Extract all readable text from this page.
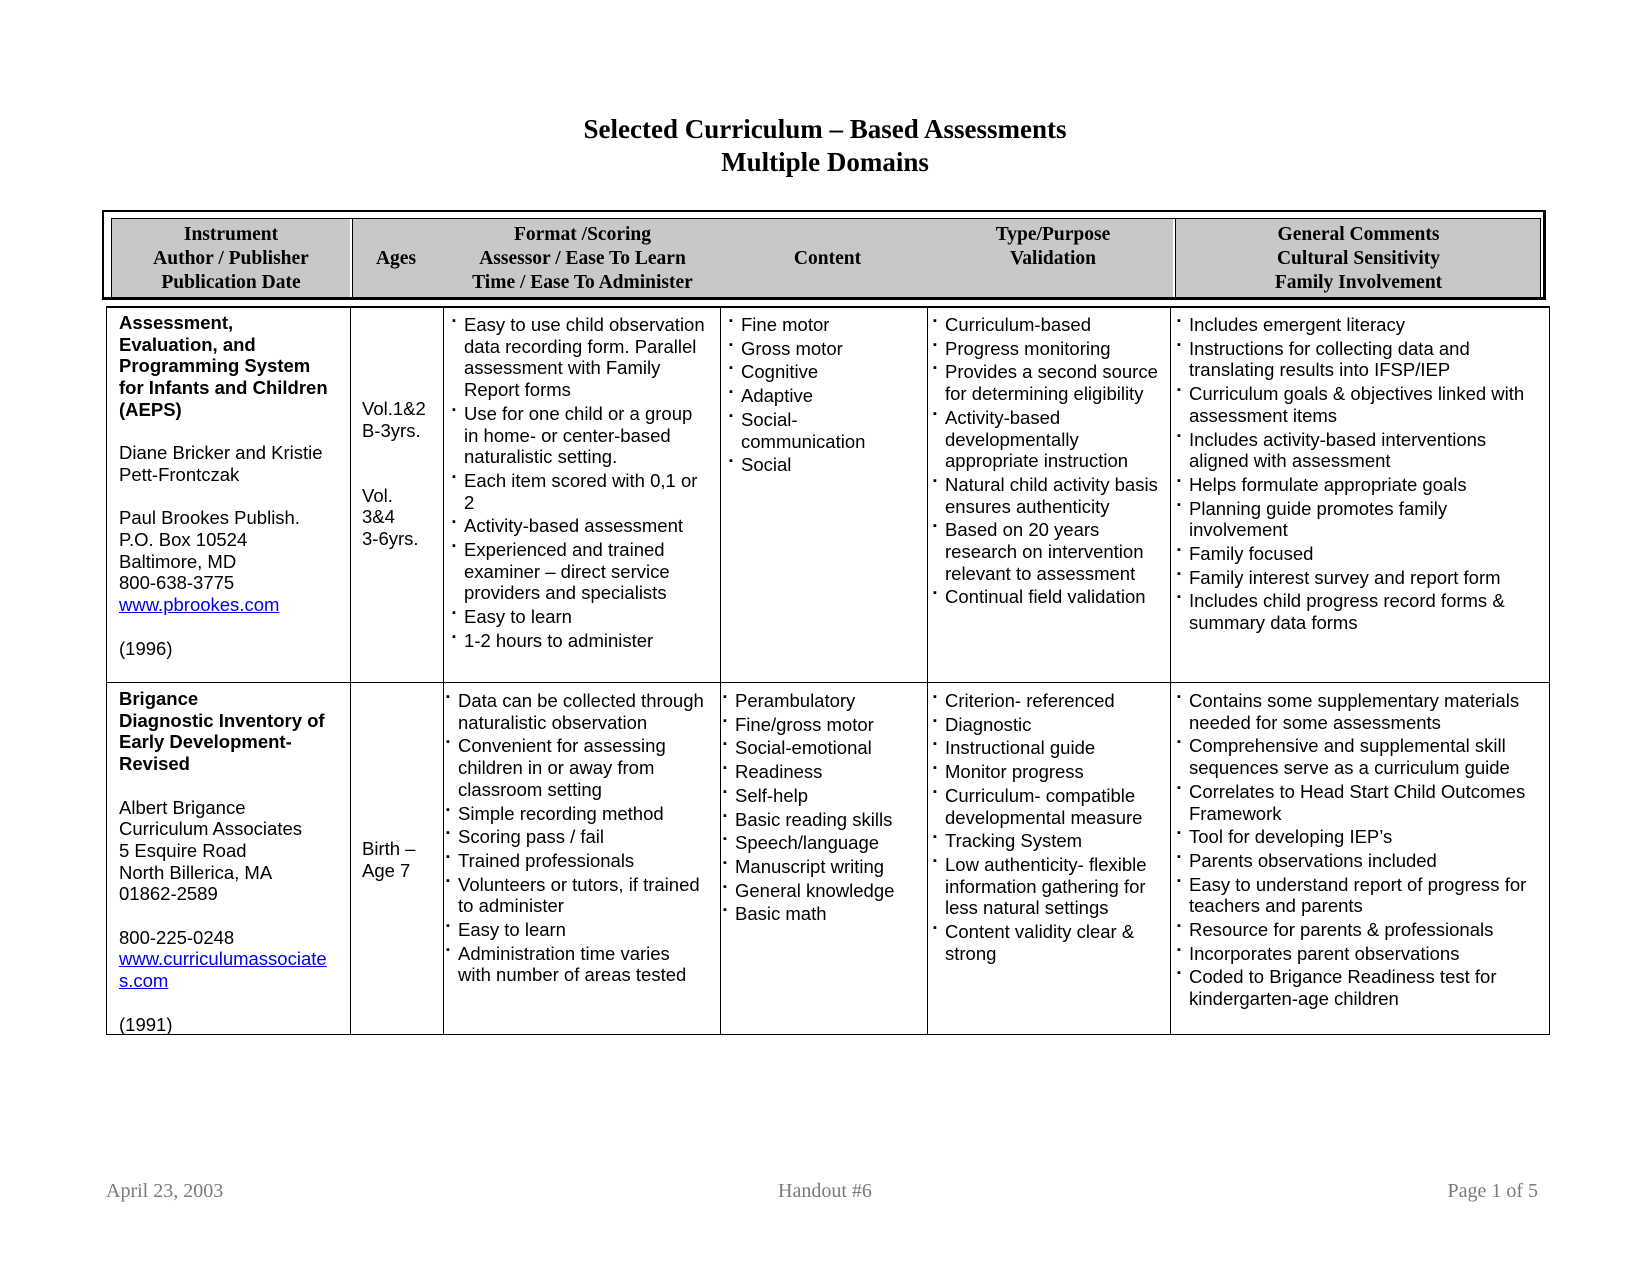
Selected Curriculum – Based Assessments
Multiple Domains
Instrument
Author / Publisher
Publication Date
Ages
Format /Scoring
Assessor / Ease To Learn
Time / Ease To Administer
Content
Type/Purpose
Validation
General Comments
Cultural Sensitivity
Family Involvement
Assessment,
Evaluation, and
Programming System
for Infants and Children
(AEPS)
Diane Bricker and Kristie
Pett-Frontczak
Paul Brookes Publish.
P.O. Box 10524
Baltimore, MD
800-638-3775
www.pbrookes.com
(1996)
Vol.1&2
B-3yrs.
Vol.
3&4
3-6yrs.
▪ Easy to use child observation
data recording form. Parallel
assessment with Family
Report forms
▪ Use for one child or a group
in home- or center-based
naturalistic setting.
▪ Each item scored with 0,1 or
2
▪ Activity-based assessment
▪ Experienced and trained
examiner – direct service
providers and specialists
▪ Easy to learn
▪ 1-2 hours to administer
▪ Fine motor
▪ Gross motor
▪ Cognitive
▪ Adaptive
▪ Social-
communication
▪ Social
▪ Curriculum-based
▪ Progress monitoring
▪ Provides a second source
for determining eligibility
▪ Activity-based
developmentally
appropriate instruction
▪ Natural child activity basis
ensures authenticity
▪ Based on 20 years
research on intervention
relevant to assessment
▪ Continual field validation
▪ Includes emergent literacy
▪ Instructions for collecting data and
translating results into IFSP/IEP
▪ Curriculum goals & objectives linked with
assessment items
▪ Includes activity-based interventions
aligned with assessment
▪ Helps formulate appropriate goals
▪ Planning guide promotes family
involvement
▪ Family focused
▪ Family interest survey and report form
▪ Includes child progress record forms &
summary data forms
Brigance
Diagnostic Inventory of
Early Development-
Revised
Albert Brigance
Curriculum Associates
5 Esquire Road
North Billerica, MA
01862-2589
800-225-0248
www.curriculumassociate
s.com
(1991)
Birth –
Age 7
▪ Data can be collected through
naturalistic observation
▪ Convenient for assessing
children in or away from
classroom setting
▪ Simple recording method
▪ Scoring pass / fail
▪ Trained professionals
▪ Volunteers or tutors, if trained
to administer
▪ Easy to learn
▪ Administration time varies
with number of areas tested
▪ Perambulatory
▪ Fine/gross motor
▪ Social-emotional
▪ Readiness
▪ Self-help
▪ Basic reading skills
▪ Speech/language
▪ Manuscript writing
▪ General knowledge
▪ Basic math
▪ Criterion- referenced
▪ Diagnostic
▪ Instructional guide
▪ Monitor progress
▪ Curriculum- compatible
developmental measure
▪ Tracking System
▪ Low authenticity- flexible
information gathering for
less natural settings
▪ Content validity clear &
strong
▪ Contains some supplementary materials
needed for some assessments
▪ Comprehensive and supplemental skill
sequences serve as a curriculum guide
▪ Correlates to Head Start Child Outcomes
Framework
▪ Tool for developing IEP’s
▪ Parents observations included
▪ Easy to understand report of progress for
teachers and parents
▪ Resource for parents & professionals
▪ Incorporates parent observations
▪ Coded to Brigance Readiness test for
kindergarten-age children
April 23, 2003	Handout #6	Page 1 of 5
